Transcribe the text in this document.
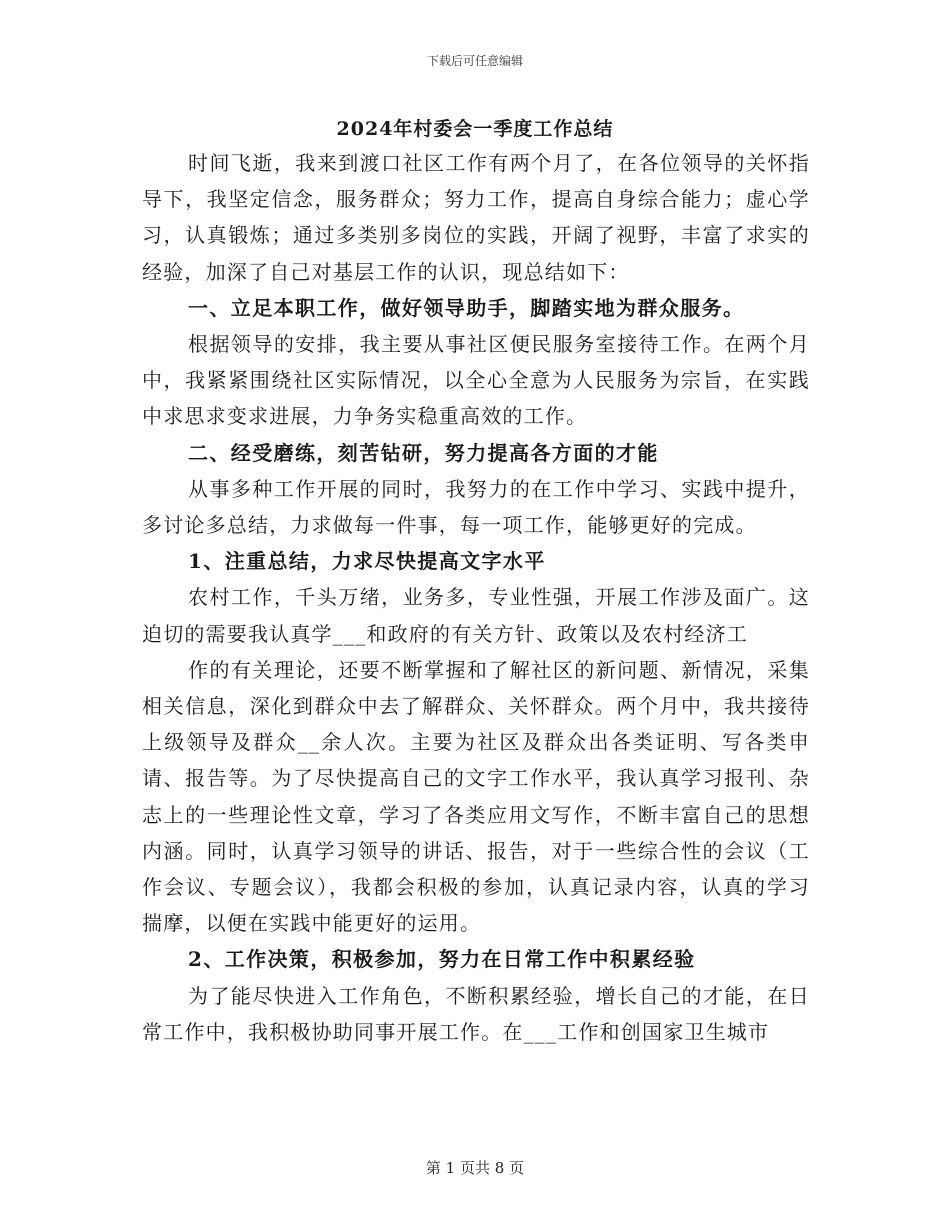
下载后可任意编辑
2024年村委会一季度工作总结

时间飞逝，我来到渡口社区工作有两个月了，在各位领导的关怀指导下，我坚定信念，服务群众；努力工作，提高自身综合能力；虚心学习，认真锻炼；通过多类别多岗位的实践，开阔了视野，丰富了求实的经验，加深了自己对基层工作的认识，现总结如下：

一、立足本职工作，做好领导助手，脚踏实地为群众服务。

根据领导的安排，我主要从事社区便民服务室接待工作。在两个月中，我紧紧围绕社区实际情况，以全心全意为人民服务为宗旨，在实践中求思求变求进展，力争务实稳重高效的工作。

二、经受磨练，刻苦钻研，努力提高各方面的才能

从事多种工作开展的同时，我努力的在工作中学习、实践中提升，多讨论多总结，力求做每一件事，每一项工作，能够更好的完成。

1、注重总结，力求尽快提高文字水平

农村工作，千头万绪，业务多，专业性强，开展工作涉及面广。这迫切的需要我认真学___和政府的有关方针、政策以及农村经济工

作的有关理论，还要不断掌握和了解社区的新问题、新情况，采集相关信息，深化到群众中去了解群众、关怀群众。两个月中，我共接待上级领导及群众__余人次。主要为社区及群众出各类证明、写各类申请、报告等。为了尽快提高自己的文字工作水平，我认真学习报刊、杂志上的一些理论性文章，学习了各类应用文写作，不断丰富自己的思想内涵。同时，认真学习领导的讲话、报告，对于一些综合性的会议（工作会议、专题会议），我都会积极的参加，认真记录内容，认真的学习揣摩，以便在实践中能更好的运用。

2、工作决策，积极参加，努力在日常工作中积累经验

为了能尽快进入工作角色，不断积累经验，增长自己的才能，在日常工作中，我积极协助同事开展工作。在___工作和创国家卫生城市

第 1 页共 8 页
